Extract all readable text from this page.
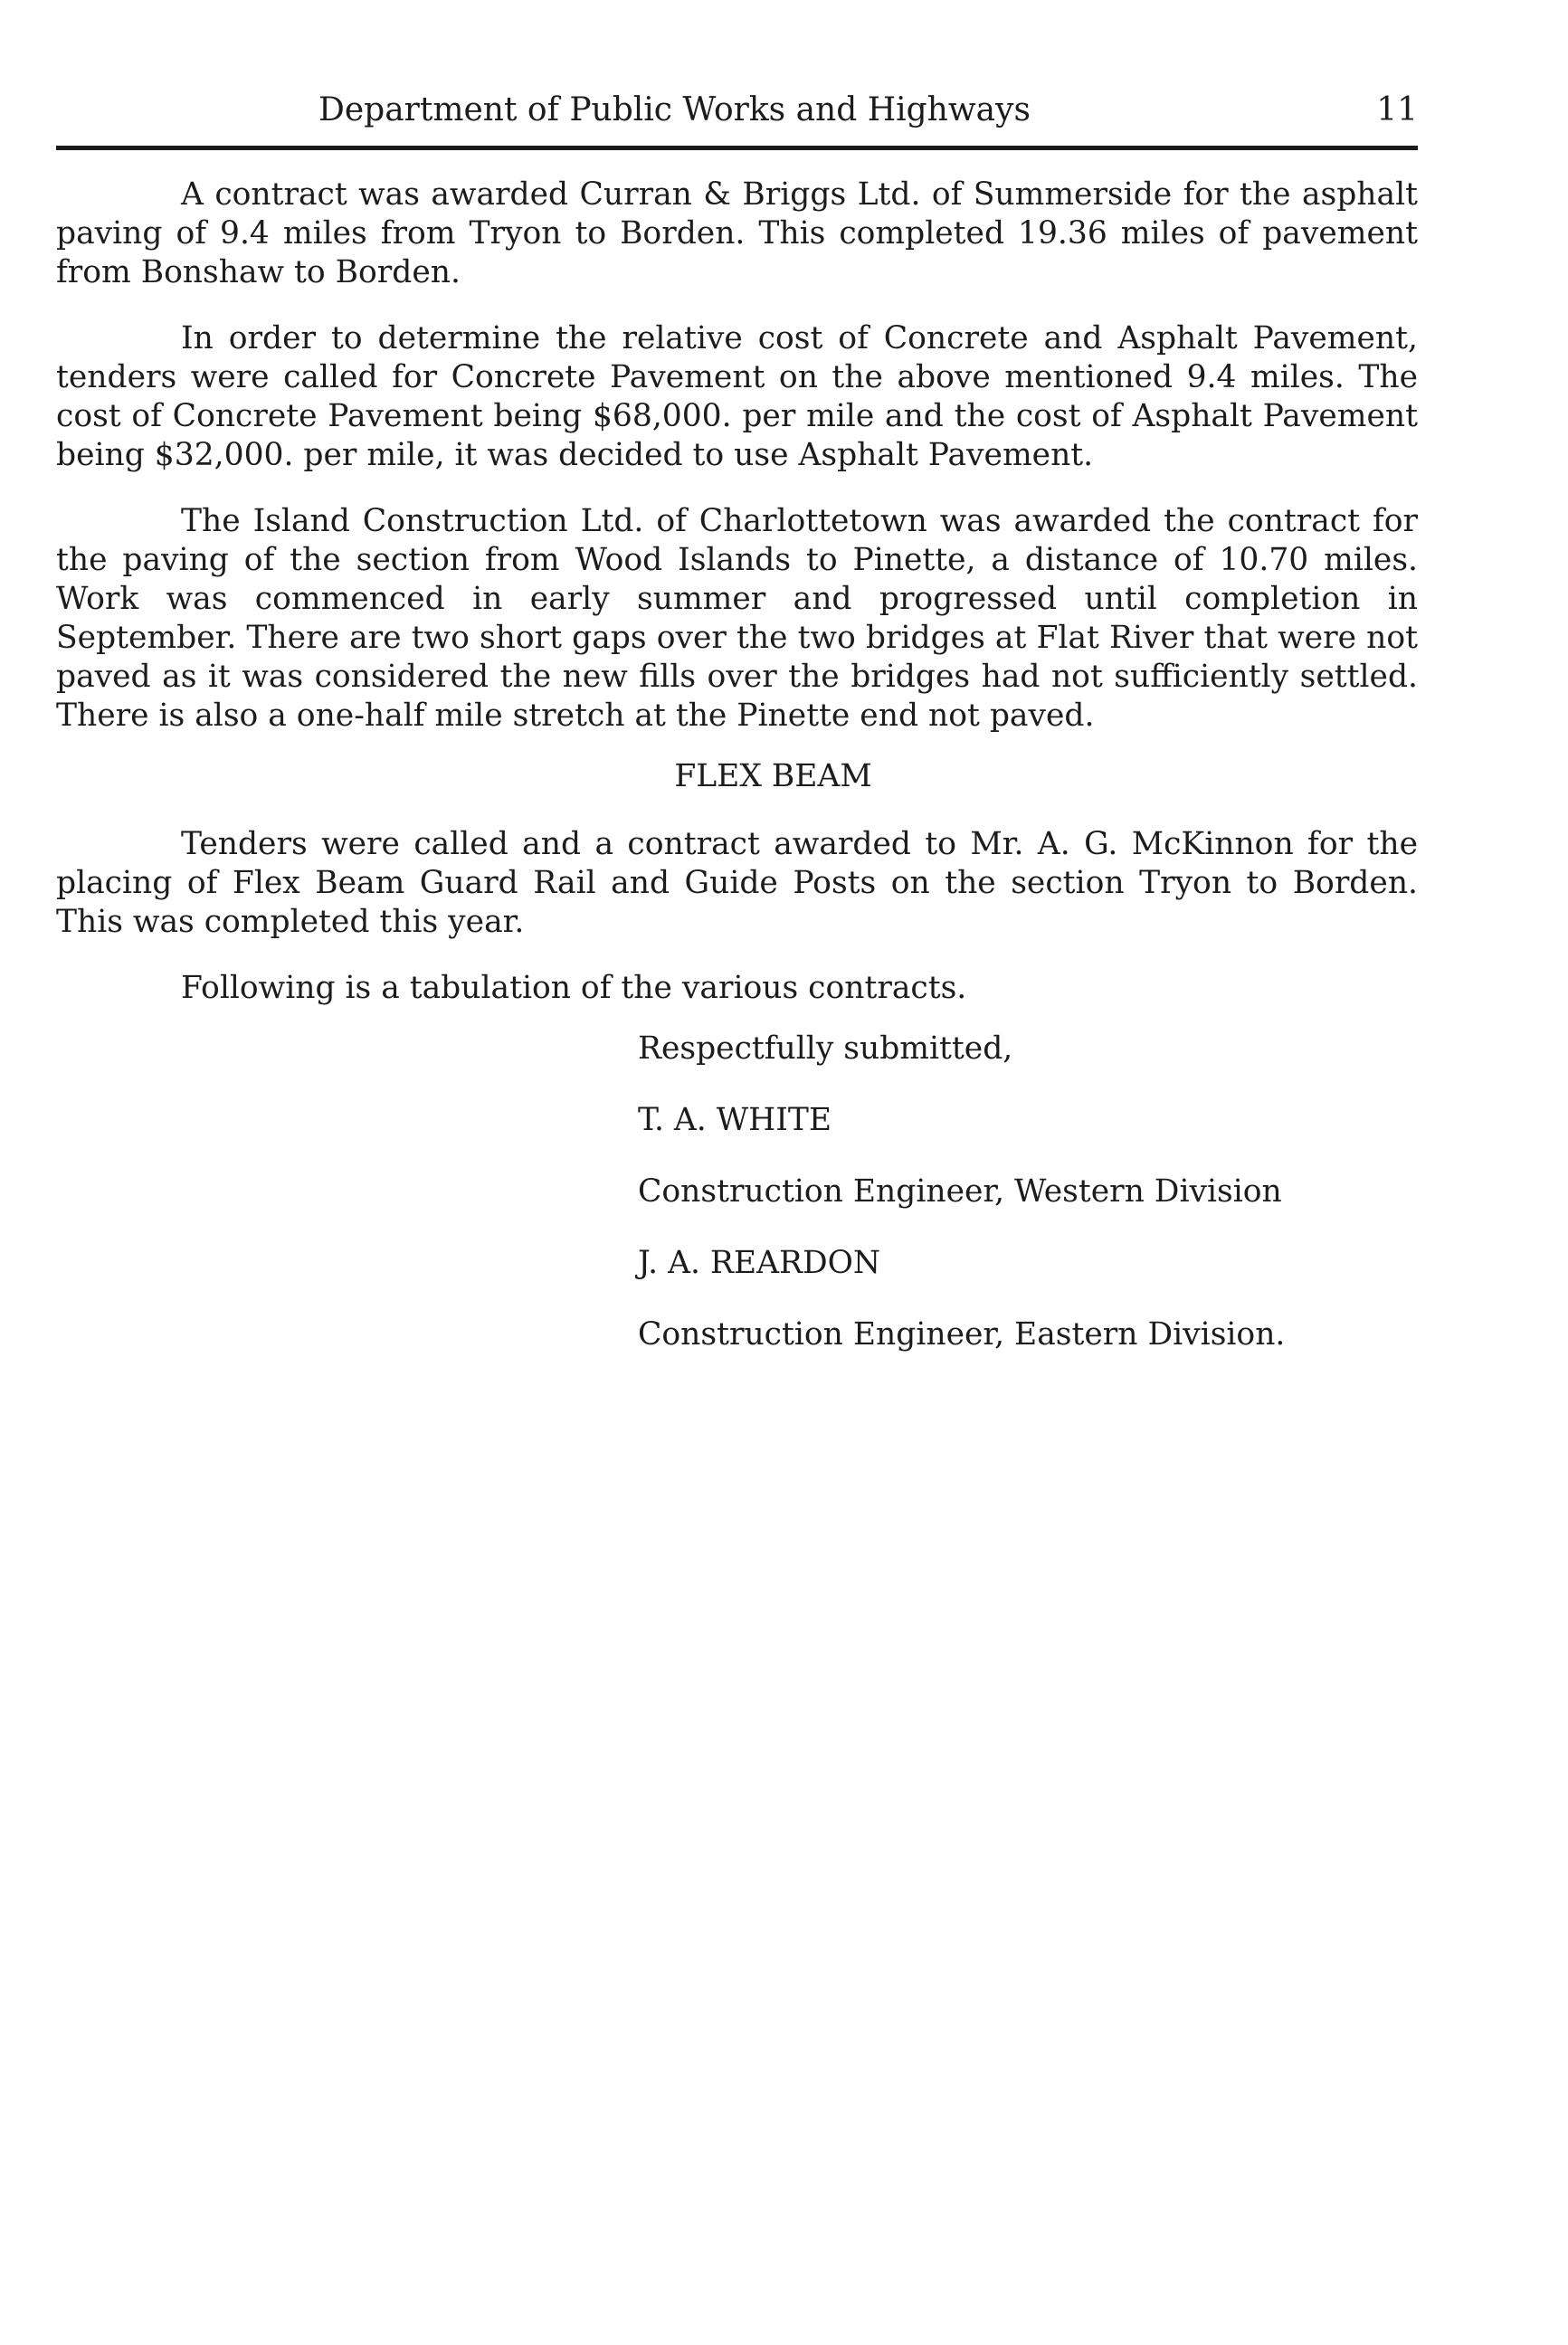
Department of Public Works and Highways	11

A contract was awarded Curran & Briggs Ltd. of Summerside for the asphalt paving of 9.4 miles from Tryon to Borden. This completed 19.36 miles of pavement from Bonshaw to Borden.

In order to determine the relative cost of Concrete and Asphalt Pavement, tenders were called for Concrete Pavement on the above mentioned 9.4 miles. The cost of Concrete Pavement being $68,000. per mile and the cost of Asphalt Pavement being $32,000. per mile, it was decided to use Asphalt Pavement.

The Island Construction Ltd. of Charlottetown was awarded the contract for the paving of the section from Wood Islands to Pinette, a distance of 10.70 miles. Work was commenced in early summer and progressed until completion in September. There are two short gaps over the two bridges at Flat River that were not paved as it was considered the new fills over the bridges had not sufficiently settled. There is also a one-half mile stretch at the Pinette end not paved.

FLEX BEAM

Tenders were called and a contract awarded to Mr. A. G. McKinnon for the placing of Flex Beam Guard Rail and Guide Posts on the section Tryon to Borden. This was completed this year.

Following is a tabulation of the various contracts.

Respectfully submitted,
T. A. WHITE
Construction Engineer, Western Division
J. A. REARDON
Construction Engineer, Eastern Division.
